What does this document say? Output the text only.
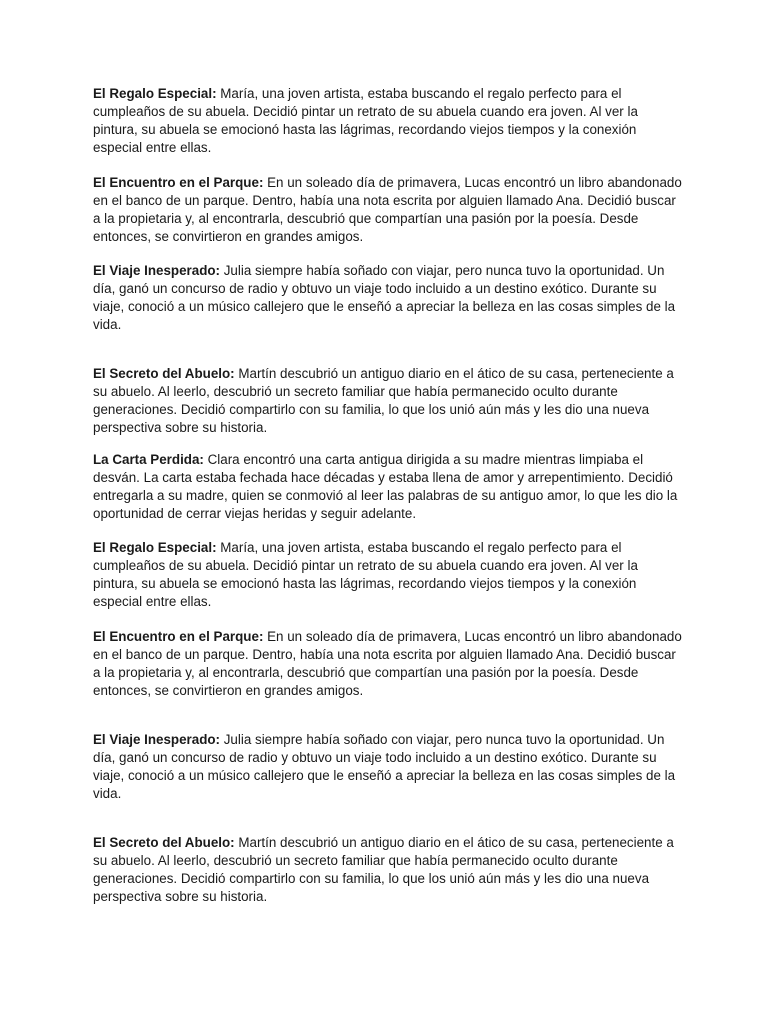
El Regalo Especial: María, una joven artista, estaba buscando el regalo perfecto para el cumpleaños de su abuela. Decidió pintar un retrato de su abuela cuando era joven. Al ver la pintura, su abuela se emocionó hasta las lágrimas, recordando viejos tiempos y la conexión especial entre ellas.

El Encuentro en el Parque: En un soleado día de primavera, Lucas encontró un libro abandonado en el banco de un parque. Dentro, había una nota escrita por alguien llamado Ana. Decidió buscar a la propietaria y, al encontrarla, descubrió que compartían una pasión por la poesía. Desde entonces, se convirtieron en grandes amigos.

El Viaje Inesperado: Julia siempre había soñado con viajar, pero nunca tuvo la oportunidad. Un día, ganó un concurso de radio y obtuvo un viaje todo incluido a un destino exótico. Durante su viaje, conoció a un músico callejero que le enseñó a apreciar la belleza en las cosas simples de la vida.

El Secreto del Abuelo: Martín descubrió un antiguo diario en el ático de su casa, perteneciente a su abuelo. Al leerlo, descubrió un secreto familiar que había permanecido oculto durante generaciones. Decidió compartirlo con su familia, lo que los unió aún más y les dio una nueva perspectiva sobre su historia.

La Carta Perdida: Clara encontró una carta antigua dirigida a su madre mientras limpiaba el desván. La carta estaba fechada hace décadas y estaba llena de amor y arrepentimiento. Decidió entregarla a su madre, quien se conmovió al leer las palabras de su antiguo amor, lo que les dio la oportunidad de cerrar viejas heridas y seguir adelante.

El Regalo Especial: María, una joven artista, estaba buscando el regalo perfecto para el cumpleaños de su abuela. Decidió pintar un retrato de su abuela cuando era joven. Al ver la pintura, su abuela se emocionó hasta las lágrimas, recordando viejos tiempos y la conexión especial entre ellas.

El Encuentro en el Parque: En un soleado día de primavera, Lucas encontró un libro abandonado en el banco de un parque. Dentro, había una nota escrita por alguien llamado Ana. Decidió buscar a la propietaria y, al encontrarla, descubrió que compartían una pasión por la poesía. Desde entonces, se convirtieron en grandes amigos.

El Viaje Inesperado: Julia siempre había soñado con viajar, pero nunca tuvo la oportunidad. Un día, ganó un concurso de radio y obtuvo un viaje todo incluido a un destino exótico. Durante su viaje, conoció a un músico callejero que le enseñó a apreciar la belleza en las cosas simples de la vida.

El Secreto del Abuelo: Martín descubrió un antiguo diario en el ático de su casa, perteneciente a su abuelo. Al leerlo, descubrió un secreto familiar que había permanecido oculto durante generaciones. Decidió compartirlo con su familia, lo que los unió aún más y les dio una nueva perspectiva sobre su historia.
